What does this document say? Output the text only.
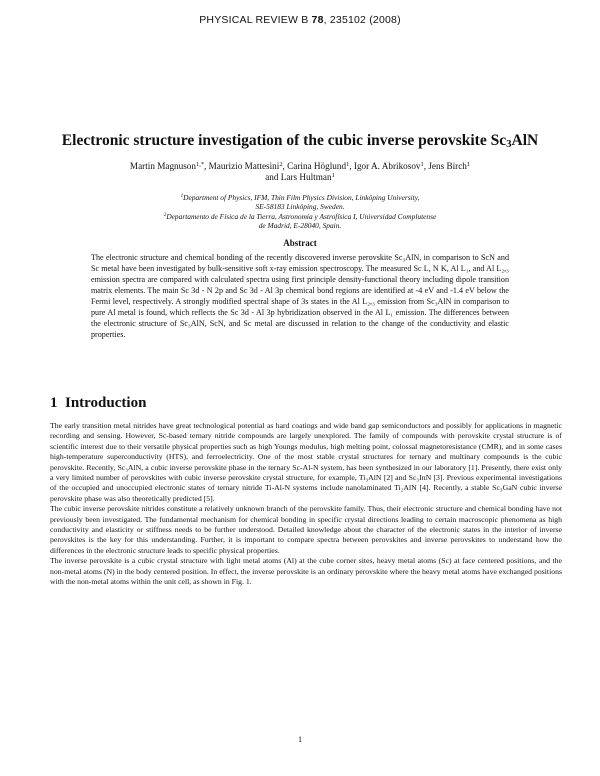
PHYSICAL REVIEW B 78, 235102 (2008)
Electronic structure investigation of the cubic inverse perovskite $Sc_3AlN$
Martin Magnuson$^{1,*}$, Maurizio Mattesini$^2$, Carina Höglund$^1$, Igor A. Abrikosov$^1$, Jens Birch$^1$
and Lars Hultman$^1$
$^1$Department of Physics, IFM, Thin Film Physics Division, Linköping University,
SE-58183 Linköping, Sweden.
$^2$Departamento de Física de la Tierra, Astronomía y Astrofísica I, Universidad Complutense
de Madrid, E-28040, Spain.
Abstract
The electronic structure and chemical bonding of the recently discovered inverse perovskite Sc₃AlN, in comparison to ScN and Sc metal have been investigated by bulk-sensitive soft x-ray emission spectroscopy. The measured Sc L, N K, Al L₁, and Al L₂,₃ emission spectra are compared with calculated spectra using first principle density-functional theory including dipole transition matrix elements. The main Sc 3d - N 2p and Sc 3d - Al 3p chemical bond regions are identified at -4 eV and -1.4 eV below the Fermi level, respectively. A strongly modified spectral shape of 3s states in the Al L₂,₃ emission from Sc₃AlN in comparison to pure Al metal is found, which reflects the Sc 3d - Al 3p hybridization observed in the Al L₁ emission. The differences between the electronic structure of Sc₃AlN, ScN, and Sc metal are discussed in relation to the change of the conductivity and elastic properties.
1 Introduction

The early transition metal nitrides have great technological potential as hard coatings and wide band gap semiconductors and possibly for applications in magnetic recording and sensing. However, Sc-based ternary nitride compounds are largely unexplored. The family of compounds with perovskite crystal structure is of scientific interest due to their versatile physical properties such as high Youngs modulus, high melting point, colossal magnetoresistance (CMR), and in some cases high-temperature superconductivity (HTS), and ferroelectricity. One of the most stable crystal structures for ternary and multinary compounds is the cubic perovskite. Recently, Sc₃AlN, a cubic inverse perovskite phase in the ternary Sc-Al-N system, has been synthesized in our laboratory [1]. Presently, there exist only a very limited number of perovskites with cubic inverse perovskite crystal structure, for example, Ti₃AlN [2] and Sc₃InN [3]. Previous experimental investigations of the occupied and unoccupied electronic states of ternary nitride Ti-Al-N systems include nanolaminated Ti₂AlN [4]. Recently, a stable Sc₃GaN cubic inverse perovskite phase was also theoretically predicted [5].

The cubic inverse perovskite nitrides constitute a relatively unknown branch of the perovskite family. Thus, their electronic structure and chemical bonding have not previously been investigated. The fundamental mechanism for chemical bonding in specific crystal directions leading to certain macroscopic phenomena as high conductivity and elasticity or stiffness needs to be further understood. Detailed knowledge about the character of the electronic states in the interior of inverse perovskites is the key for this understanding. Further, it is important to compare spectra between perovskites and inverse perovskites to understand how the differences in the electronic structure leads to specific physical properties.

The inverse perovskite is a cubic crystal structure with light metal atoms (Al) at the cube corner sites, heavy metal atoms (Sc) at face centered positions, and the non-metal atoms (N) in the body centered position. In effect, the inverse perovskite is an ordinary perovskite where the heavy metal atoms have exchanged positions with the non-metal atoms within the unit cell, as shown in Fig. 1.

1
